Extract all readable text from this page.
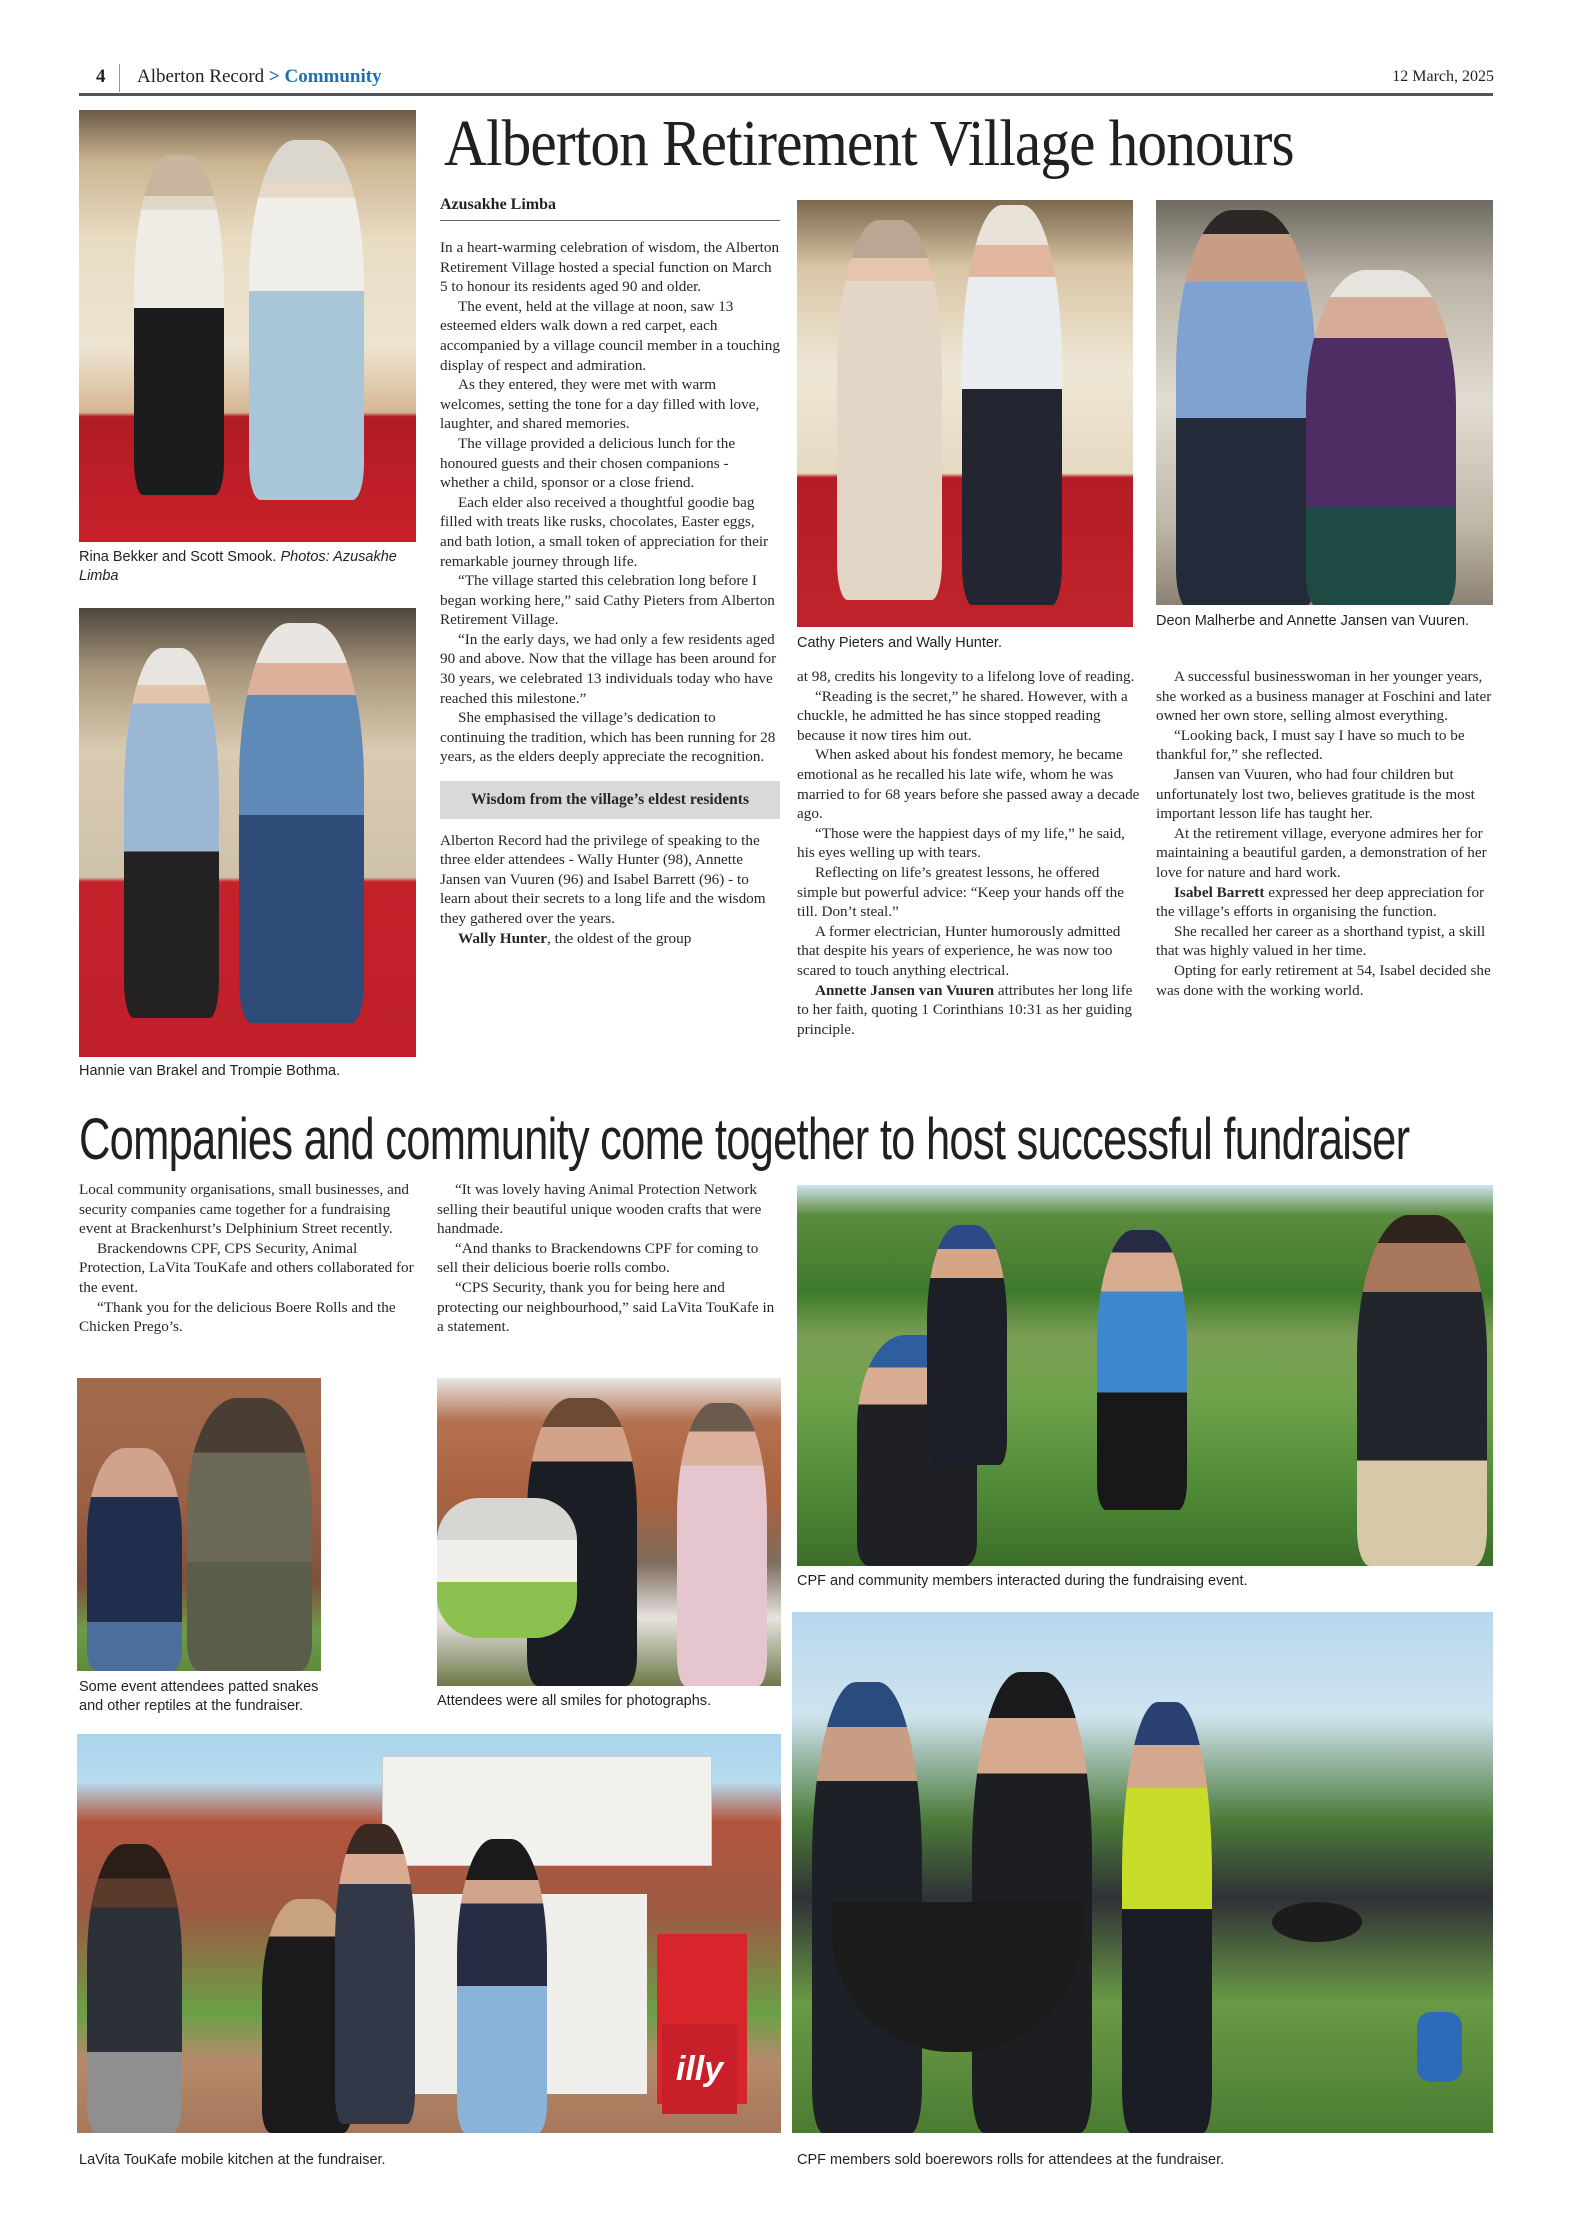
4 Alberton Record > Community	12 March, 2025
Alberton Retirement Village honours
Azusakhe Limba
Rina Bekker and Scott Smook. Photos: Azusakhe Limba
Hannie van Brakel and Trompie Bothma.
Cathy Pieters and Wally Hunter.
Deon Malherbe and Annette Jansen van Vuuren.

In a heart-warming celebration of wisdom, the Alberton Retirement Village hosted a special function on March 5 to honour its residents aged 90 and older.

The event, held at the village at noon, saw 13 esteemed elders walk down a red carpet, each accompanied by a village council member in a touching display of respect and admiration.

As they entered, they were met with warm welcomes, setting the tone for a day filled with love, laughter, and shared memories.

The village provided a delicious lunch for the honoured guests and their chosen companions - whether a child, sponsor or a close friend.

Each elder also received a thoughtful goodie bag filled with treats like rusks, chocolates, Easter eggs, and bath lotion, a small token of appreciation for their remarkable journey through life.

“The village started this celebration long before I began working here,” said Cathy Pieters from Alberton Retirement Village.

“In the early days, we had only a few residents aged 90 and above. Now that the village has been around for 30 years, we celebrated 13 individuals today who have reached this milestone.”

She emphasised the village’s dedication to continuing the tradition, which has been running for 28 years, as the elders deeply appreciate the recognition.

Wisdom from the village’s eldest residents

Alberton Record had the privilege of speaking to the three elder attendees - Wally Hunter (98), Annette Jansen van Vuuren (96) and Isabel Barrett (96) - to learn about their secrets to a long life and the wisdom they gathered over the years.

Wally Hunter, the oldest of the group

at 98, credits his longevity to a lifelong love of reading.

“Reading is the secret,” he shared. However, with a chuckle, he admitted he has since stopped reading because it now tires him out.

When asked about his fondest memory, he became emotional as he recalled his late wife, whom he was married to for 68 years before she passed away a decade ago.

“Those were the happiest days of my life,” he said, his eyes welling up with tears.

Reflecting on life’s greatest lessons, he offered simple but powerful advice: “Keep your hands off the till. Don’t steal.”

A former electrician, Hunter humorously admitted that despite his years of experience, he was now too scared to touch anything electrical.

Annette Jansen van Vuuren attributes her long life to her faith, quoting 1 Corinthians 10:31 as her guiding principle.

A successful businesswoman in her younger years, she worked as a business manager at Foschini and later owned her own store, selling almost everything.

“Looking back, I must say I have so much to be thankful for,” she reflected.

Jansen van Vuuren, who had four children but unfortunately lost two, believes gratitude is the most important lesson life has taught her.

At the retirement village, everyone admires her for maintaining a beautiful garden, a demonstration of her love for nature and hard work.

Isabel Barrett expressed her deep appreciation for the village’s efforts in organising the function.

She recalled her career as a shorthand typist, a skill that was highly valued in her time.

Opting for early retirement at 54, Isabel decided she was done with the working world.

Companies and community come together to host successful fundraiser

Local community organisations, small businesses, and security companies came together for a fundraising event at Brackenhurst’s Delphinium Street recently.

Brackendowns CPF, CPS Security, Animal Protection, LaVita TouKafe and others collaborated for the event.

“Thank you for the delicious Boere Rolls and the Chicken Prego’s.

“It was lovely having Animal Protection Network selling their beautiful unique wooden crafts that were handmade.

“And thanks to Brackendowns CPF for coming to sell their delicious boerie rolls combo.

“CPS Security, thank you for being here and protecting our neighbourhood,” said LaVita TouKafe in a statement.

CPF and community members interacted during the fundraising event.
Some event attendees patted snakes and other reptiles at the fundraiser.	Attendees were all smiles for photographs.
illy
LaVita TouKafe mobile kitchen at the fundraiser.	CPF members sold boerewors rolls for attendees at the fundraiser.
